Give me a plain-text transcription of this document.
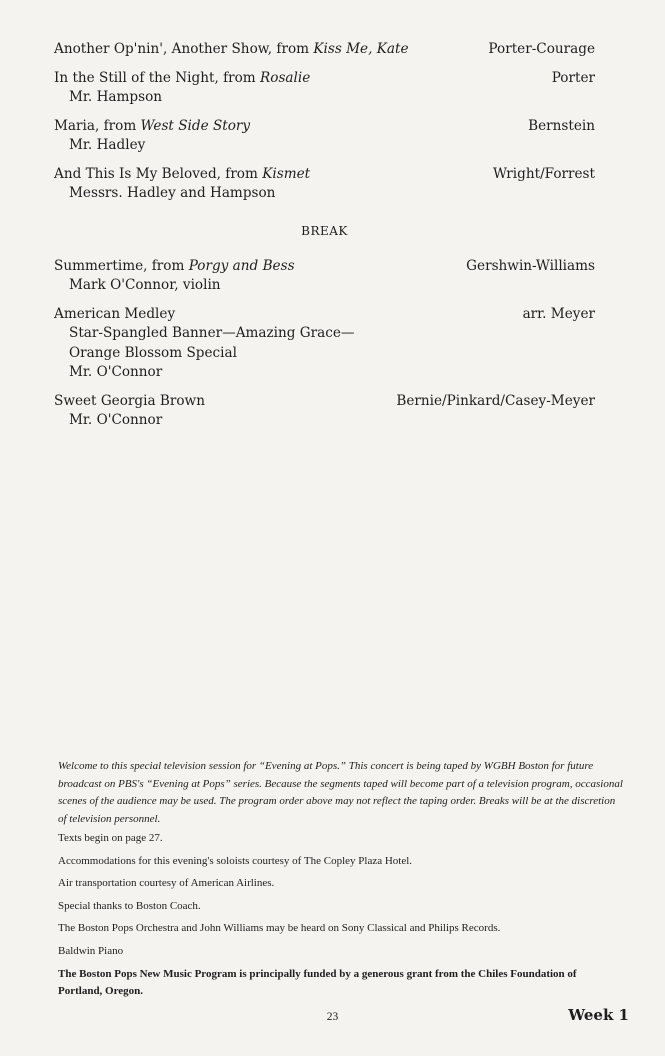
Another Op'nin', Another Show, from Kiss Me, Kate	Porter-Courage
In the Still of the Night, from Rosalie	Porter
Mr. Hampson
Maria, from West Side Story	Bernstein
Mr. Hadley
And This Is My Beloved, from Kismet	Wright/Forrest
Messrs. Hadley and Hampson
BREAK
Summertime, from Porgy and Bess	Gershwin-Williams
Mark O'Connor, violin
American Medley	arr. Meyer
Star-Spangled Banner—Amazing Grace—
Orange Blossom Special
Mr. O'Connor
Sweet Georgia Brown	Bernie/Pinkard/Casey-Meyer
Mr. O'Connor

Welcome to this special television session for “Evening at Pops.” This concert is being taped by WGBH Boston for future broadcast on PBS's “Evening at Pops” series. Because the segments taped will become part of a television program, occasional scenes of the audience may be used. The program order above may not reflect the taping order. Breaks will be at the discretion of television personnel.

Texts begin on page 27.

Accommodations for this evening's soloists courtesy of The Copley Plaza Hotel.

Air transportation courtesy of American Airlines.

Special thanks to Boston Coach.

The Boston Pops Orchestra and John Williams may be heard on Sony Classical and Philips Records.

Baldwin Piano

The Boston Pops New Music Program is principally funded by a generous grant from the Chiles Foundation of Portland, Oregon.

23	Week 1
